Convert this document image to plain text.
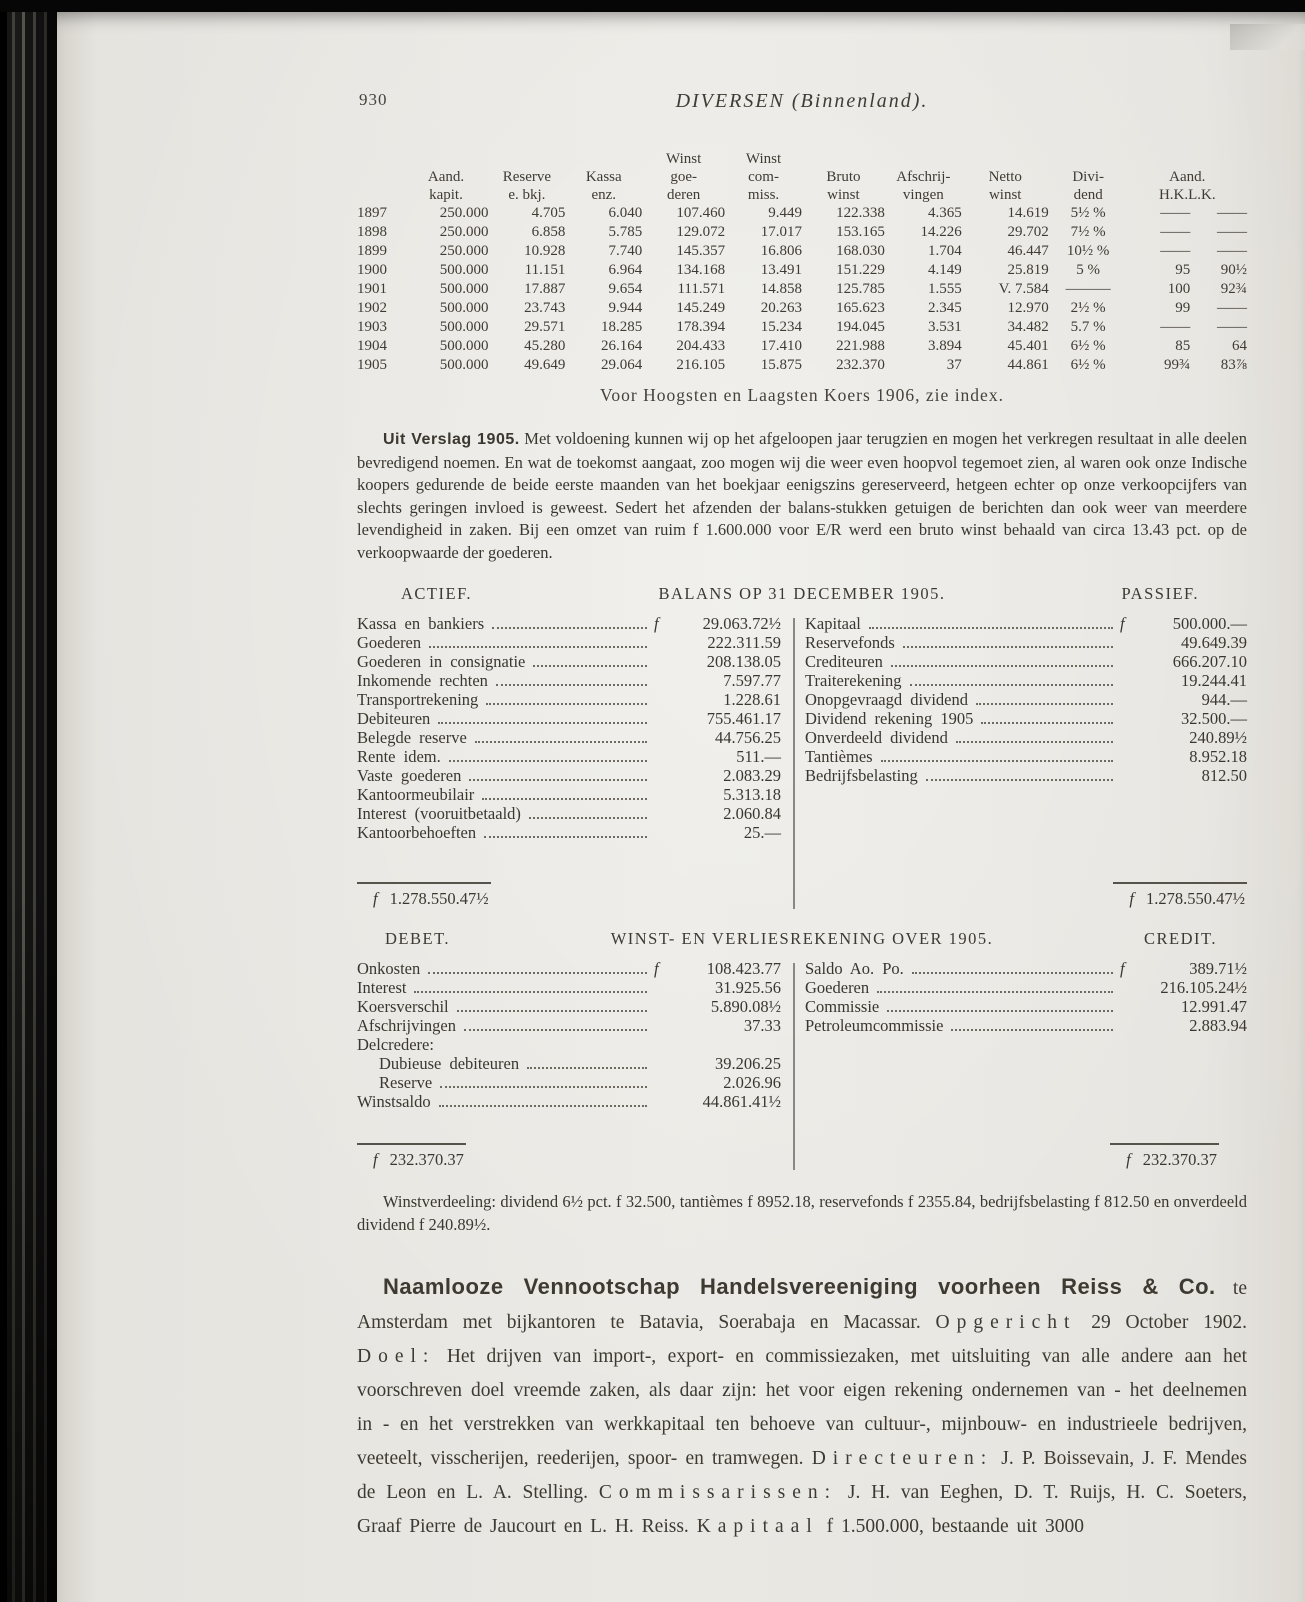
930	DIVERSEN (Binnenland).
				Winst	Winst						
	Aand.	Reserve	Kassa	goe-	com-	Bruto	Afschrij-	Netto	Divi-	Aand.	
	kapit.	e. bkj.	enz.	deren	miss.	winst	vingen	winst	dend	H.K.L.K.	
1897	250.000	4.705	6.040	107.460	9.449	122.338	4.365	14.619	5½ %	——	——
1898	250.000	6.858	5.785	129.072	17.017	153.165	14.226	29.702	7½ %	——	——
1899	250.000	10.928	7.740	145.357	16.806	168.030	1.704	46.447	10½ %	——	——
1900	500.000	11.151	6.964	134.168	13.491	151.229	4.149	25.819	5 %	95	90½
1901	500.000	17.887	9.654	111.571	14.858	125.785	1.555	V. 7.584	———	100	92¾
1902	500.000	23.743	9.944	145.249	20.263	165.623	2.345	12.970	2½ %	99	——
1903	500.000	29.571	18.285	178.394	15.234	194.045	3.531	34.482	5.7 %	——	——
1904	500.000	45.280	26.164	204.433	17.410	221.988	3.894	45.401	6½ %	85	64
1905	500.000	49.649	29.064	216.105	15.875	232.370	37	44.861	6½ %	99¾	83⅞
Voor Hoogsten en Laagsten Koers 1906, zie index.

Uit Verslag 1905. Met voldoening kunnen wij op het afgeloopen jaar terugzien en mogen het verkregen resultaat in alle deelen bevredigend noemen. En wat de toekomst aangaat, zoo mogen wij die weer even hoopvol tegemoet zien, al waren ook onze Indische koopers gedurende de beide eerste maanden van het boekjaar eenigszins gereserveerd, hetgeen echter op onze verkoopcijfers van slechts geringen invloed is geweest. Sedert het afzenden der balans-stukken getuigen de berichten dan ook weer van meerdere levendigheid in zaken. Bij een omzet van ruim f 1.600.000 voor E/R werd een bruto winst behaald van circa 13.43 pct. op de verkoopwaarde der goederen.

ACTIEF.	BALANS OP 31 DECEMBER 1905.	PASSIEF.
Kassa en bankiers	f	29.063.72½
Goederen	222.311.59
Goederen in consignatie	208.138.05
Inkomende rechten	7.597.77
Transportrekening	1.228.61
Debiteuren	755.461.17
Belegde reserve	44.756.25
Rente idem.	511.—
Vaste goederen	2.083.29
Kantoormeubilair	5.313.18
Interest (vooruitbetaald)	2.060.84
Kantoorbehoeften	25.—
Kapitaal	f	500.000.—
Reservefonds	49.649.39
Crediteuren	666.207.10
Traiterekening	19.244.41
Onopgevraagd dividend	944.—
Dividend rekening 1905	32.500.—
Onverdeeld dividend	240.89½
Tantièmes	8.952.18
Bedrijfsbelasting	812.50
f 1.278.550.47½	f 1.278.550.47½
DEBET.	WINST- EN VERLIESREKENING OVER 1905.	CREDIT.
Onkosten	f	108.423.77
Interest	31.925.56
Koersverschil	5.890.08½
Afschrijvingen	37.33
Delcredere:
Dubieuse debiteuren	39.206.25
Reserve	2.026.96
Winstsaldo	44.861.41½
Saldo Ao. Po.	f	389.71½
Goederen	216.105.24½
Commissie	12.991.47
Petroleumcommissie	2.883.94
f 232.370.37	f 232.370.37

Winstverdeeling: dividend 6½ pct. f 32.500, tantièmes f 8952.18, reservefonds f 2355.84, bedrijfsbelasting f 812.50 en onverdeeld dividend f 240.89½.

Naamlooze Vennootschap Handelsvereeniging voorheen Reiss & Co. te Amsterdam met bijkantoren te Batavia, Soerabaja en Macassar. Opgericht 29 October 1902. Doel: Het drijven van import-, export- en commissiezaken, met uitsluiting van alle andere aan het voorschreven doel vreemde zaken, als daar zijn: het voor eigen rekening ondernemen van - het deelnemen in - en het verstrekken van werkkapitaal ten behoeve van cultuur-, mijnbouw- en industrieele bedrijven, veeteelt, visscherijen, reederijen, spoor- en tramwegen. Directeuren: J. P. Boissevain, J. F. Mendes de Leon en L. A. Stelling. Commissarissen: J. H. van Eeghen, D. T. Ruijs, H. C. Soeters, Graaf Pierre de Jaucourt en L. H. Reiss. Kapitaal f 1.500.000, bestaande uit 3000
